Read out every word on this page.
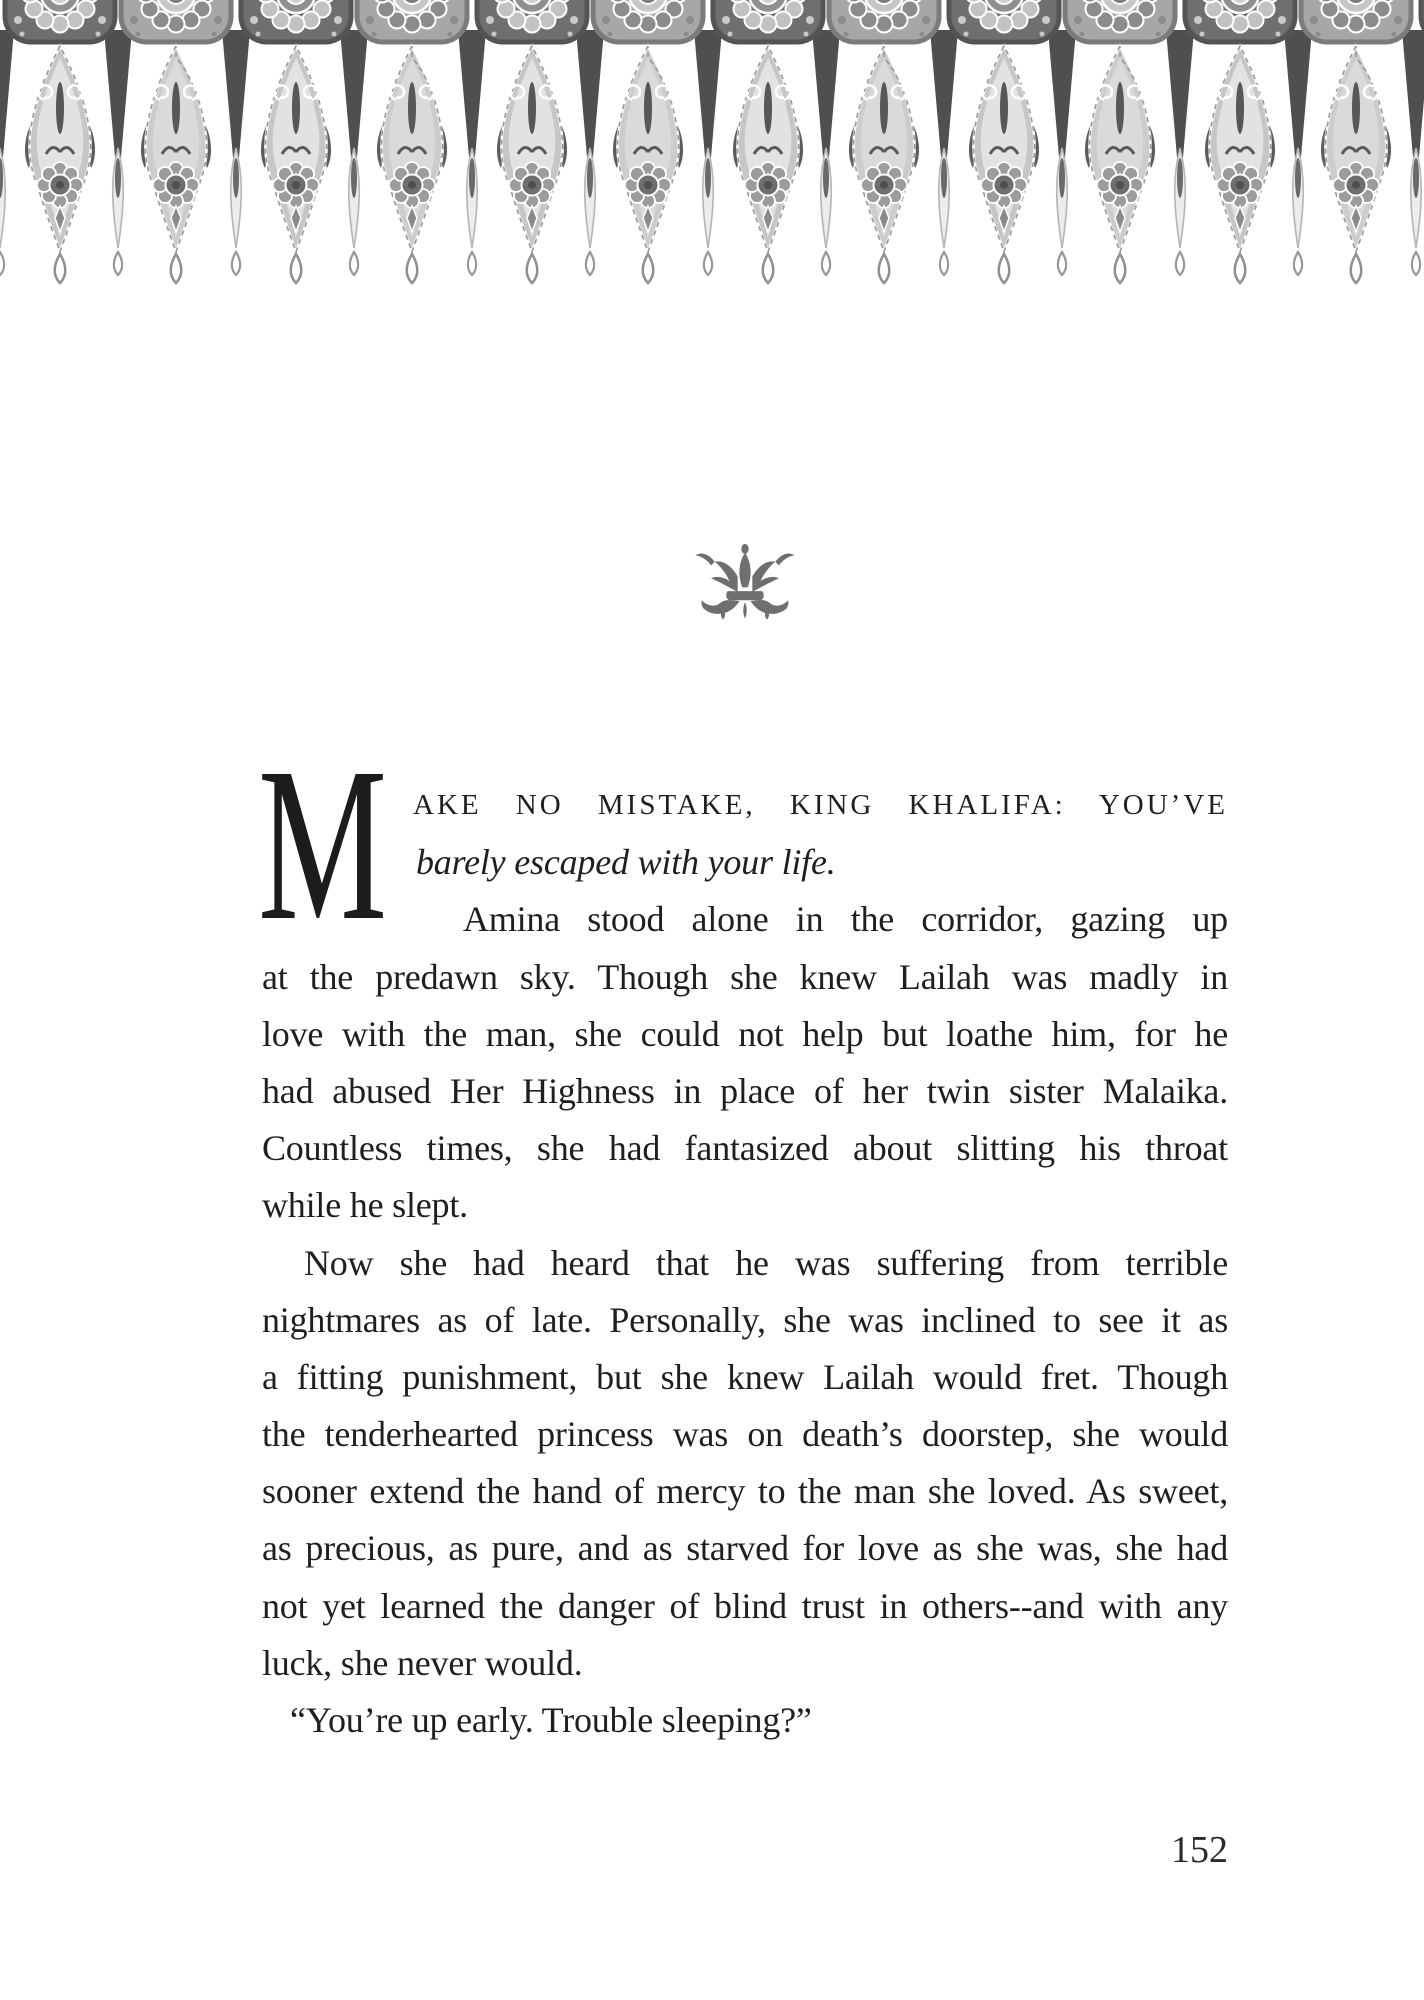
M AKE NO MISTAKE, KING KHALIFA: YOU’VE
barely escaped with your life.
Amina stood alone in the corridor, gazing up
at the predawn sky. Though she knew Lailah was madly in
love with the man, she could not help but loathe him, for he
had abused Her Highness in place of her twin sister Malaika.
Countless times, she had fantasized about slitting his throat
while he slept.
Now she had heard that he was suffering from terrible
nightmares as of late. Personally, she was inclined to see it as
a fitting punishment, but she knew Lailah would fret. Though
the tenderhearted princess was on death’s doorstep, she would
sooner extend the hand of mercy to the man she loved. As sweet,
as precious, as pure, and as starved for love as she was, she had
not yet learned the danger of blind trust in others--and with any
luck, she never would.
“You’re up early. Trouble sleeping?”
152
